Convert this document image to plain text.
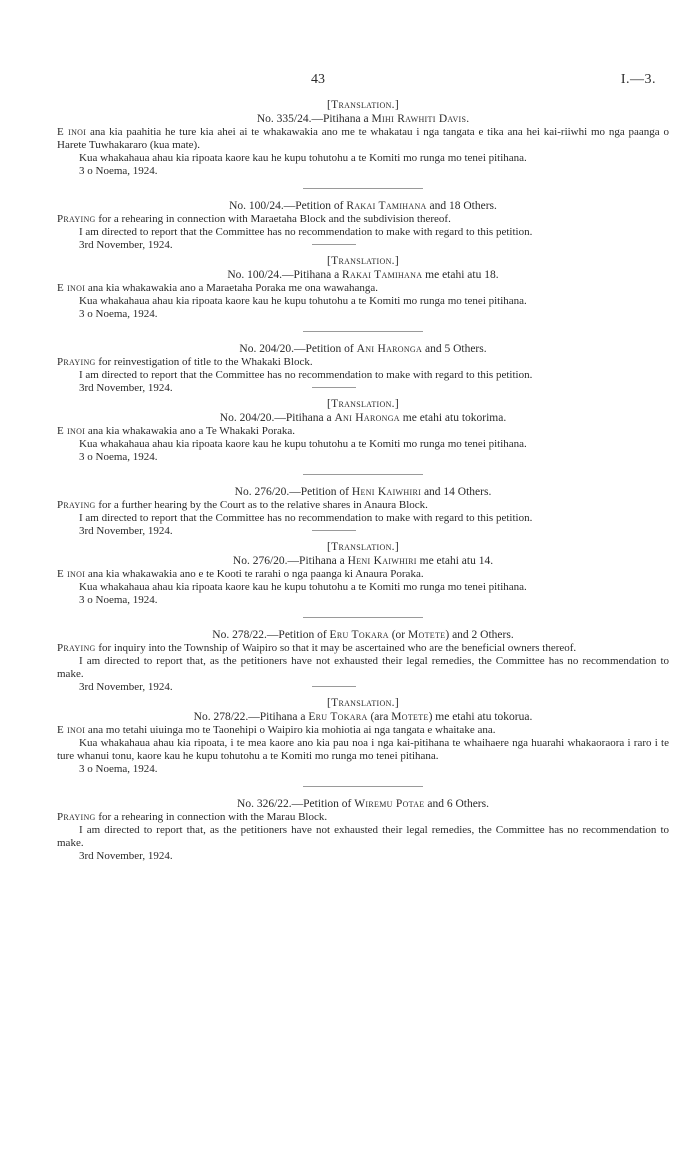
43	I.—3.

[Translation.]

No. 335/24.—Pitihana a Mihi Rawhiti Davis.

E inoi ana kia paahitia he ture kia ahei ai te whakawakia ano me te whakatau i nga tangata e tika ana hei kai-riiwhi mo nga paanga o Harete Tuwhakararo (kua mate).

Kua whakahaua ahau kia ripoata kaore kau he kupu tohutohu a te Komiti mo runga mo tenei pitihana.

3 o Noema, 1924.

No. 100/24.—Petition of Rakai Tamihana and 18 Others.

Praying for a rehearing in connection with Maraetaha Block and the subdivision thereof.

I am directed to report that the Committee has no recommendation to make with regard to this petition.

3rd November, 1924.

[Translation.]

No. 100/24.—Pitihana a Rakai Tamihana me etahi atu 18.

E inoi ana kia whakawakia ano a Maraetaha Poraka me ona wawahanga.

Kua whakahaua ahau kia ripoata kaore kau he kupu tohutohu a te Komiti mo runga mo tenei pitihana.

3 o Noema, 1924.

No. 204/20.—Petition of Ani Haronga and 5 Others.

Praying for reinvestigation of title to the Whakaki Block.

I am directed to report that the Committee has no recommendation to make with regard to this petition.

3rd November, 1924.

[Translation.]

No. 204/20.—Pitihana a Ani Haronga me etahi atu tokorima.

E inoi ana kia whakawakia ano a Te Whakaki Poraka.

Kua whakahaua ahau kia ripoata kaore kau he kupu tohutohu a te Komiti mo runga mo tenei pitihana.

3 o Noema, 1924.

No. 276/20.—Petition of Heni Kaiwhiri and 14 Others.

Praying for a further hearing by the Court as to the relative shares in Anaura Block.

I am directed to report that the Committee has no recommendation to make with regard to this petition.

3rd November, 1924.

[Translation.]

No. 276/20.—Pitihana a Heni Kaiwhiri me etahi atu 14.

E inoi ana kia whakawakia ano e te Kooti te rarahi o nga paanga ki Anaura Poraka.

Kua whakahaua ahau kia ripoata kaore kau he kupu tohutohu a te Komiti mo runga mo tenei pitihana.

3 o Noema, 1924.

No. 278/22.—Petition of Eru Tokara (or Motete) and 2 Others.

Praying for inquiry into the Township of Waipiro so that it may be ascertained who are the beneficial owners thereof.

I am directed to report that, as the petitioners have not exhausted their legal remedies, the Committee has no recommendation to make.

3rd November, 1924.

[Translation.]

No. 278/22.—Pitihana a Eru Tokara (ara Motete) me etahi atu tokorua.

E inoi ana mo tetahi uiuinga mo te Taonehipi o Waipiro kia mohiotia ai nga tangata e whaitake ana.

Kua whakahaua ahau kia ripoata, i te mea kaore ano kia pau noa i nga kai-pitihana te whaihaere nga huarahi whakaoraora i raro i te ture whanui tonu, kaore kau he kupu tohutohu a te Komiti mo runga mo tenei pitihana.

3 o Noema, 1924.

No. 326/22.—Petition of Wiremu Potae and 6 Others.

Praying for a rehearing in connection with the Marau Block.

I am directed to report that, as the petitioners have not exhausted their legal remedies, the Committee has no recommendation to make.

3rd November, 1924.
